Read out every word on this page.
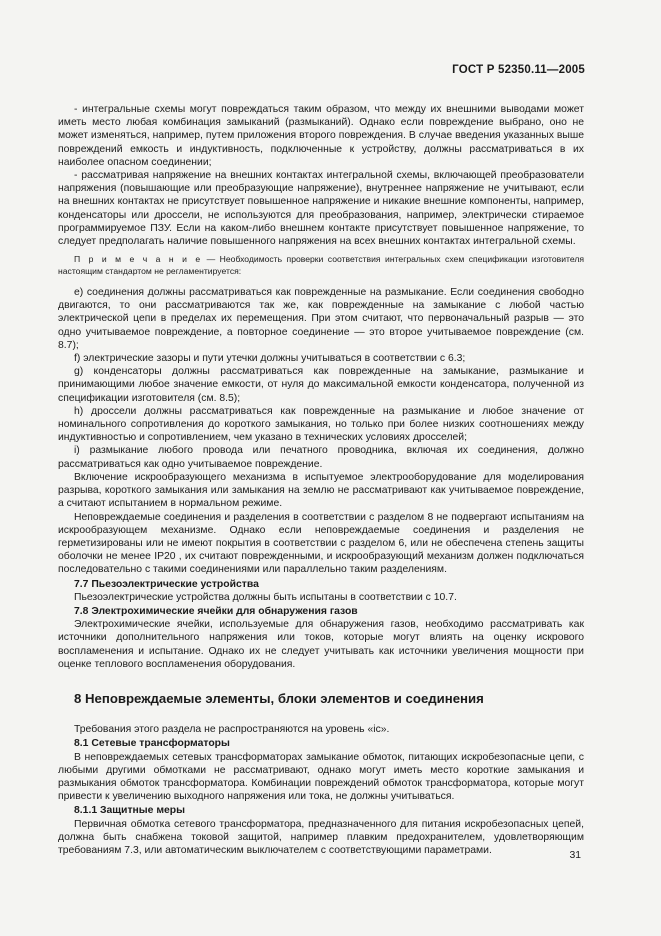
ГОСТ Р 52350.11—2005

- интегральные схемы могут повреждаться таким образом, что между их внешними выводами может иметь место любая комбинация замыканий (размыканий). Однако если повреждение выбрано, оно не может изменяться, например, путем приложения второго повреждения. В случае введения указанных выше повреждений емкость и индуктивность, подключенные к устройству, должны рассматриваться в их наиболее опасном соединении;

- рассматривая напряжение на внешних контактах интегральной схемы, включающей преобразователи напряжения (повышающие или преобразующие напряжение), внутреннее напряжение не учитывают, если на внешних контактах не присутствует повышенное напряжение и никакие внешние компоненты, например, конденсаторы или дроссели, не используются для преобразования, например, электрически стираемое программируемое ПЗУ. Если на каком-либо внешнем контакте присутствует повышенное напряжение, то следует предполагать наличие повышенного напряжения на всех внешних контактах интегральной схемы.

П р и м е ч а н и е — Необходимость проверки соответствия интегральных схем спецификации изготовителя настоящим стандартом не регламентируется:

e) соединения должны рассматриваться как поврежденные на размыкание. Если соединения свободно двигаются, то они рассматриваются так же, как поврежденные на замыкание с любой частью электрической цепи в пределах их перемещения. При этом считают, что первоначальный разрыв — это одно учитываемое повреждение, а повторное соединение — это второе учитываемое повреждение (см. 8.7);

f) электрические зазоры и пути утечки должны учитываться в соответствии с 6.3;

g) конденсаторы должны рассматриваться как поврежденные на замыкание, размыкание и принимающими любое значение емкости, от нуля до максимальной емкости конденсатора, полученной из спецификации изготовителя (см. 8.5);

h) дроссели должны рассматриваться как поврежденные на размыкание и любое значение от номинального сопротивления до короткого замыкания, но только при более низких соотношениях между индуктивностью и сопротивлением, чем указано в технических условиях дросселей;

i) размыкание любого провода или печатного проводника, включая их соединения, должно рассматриваться как одно учитываемое повреждение.

Включение искрообразующего механизма в испытуемое электрооборудование для моделирования разрыва, короткого замыкания или замыкания на землю не рассматривают как учитываемое повреждение, а считают испытанием в нормальном режиме.

Неповреждаемые соединения и разделения в соответствии с разделом 8 не подвергают испытаниям на искрообразующем механизме. Однако если неповреждаемые соединения и разделения не герметизированы или не имеют покрытия в соответствии с разделом 6, или не обеспечена степень защиты оболочки не менее IP20 , их считают поврежденными, и искрообразующий механизм должен подключаться последовательно с такими соединениями или параллельно таким разделениям.

7.7 Пьезоэлектрические устройства

Пьезоэлектрические устройства должны быть испытаны в соответствии с 10.7.

7.8 Электрохимические ячейки для обнаружения газов

Электрохимические ячейки, используемые для обнаружения газов, необходимо рассматривать как источники дополнительного напряжения или токов, которые могут влиять на оценку искрового воспламенения и испытание. Однако их не следует учитывать как источники увеличения мощности при оценке теплового воспламенения оборудования.

8 Неповреждаемые элементы, блоки элементов и соединения

Требования этого раздела не распространяются на уровень «ic».

8.1 Сетевые трансформаторы

В неповреждаемых сетевых трансформаторах замыкание обмоток, питающих искробезопасные цепи, с любыми другими обмотками не рассматривают, однако могут иметь место короткие замыкания и размыкания обмоток трансформатора. Комбинации повреждений обмоток трансформатора, которые могут привести к увеличению выходного напряжения или тока, не должны учитываться.

8.1.1 Защитные меры

Первичная обмотка сетевого трансформатора, предназначенного для питания искробезопасных цепей, должна быть снабжена токовой защитой, например плавким предохранителем, удовлетворяющим требованиям 7.3, или автоматическим выключателем с соответствующими параметрами.	31
